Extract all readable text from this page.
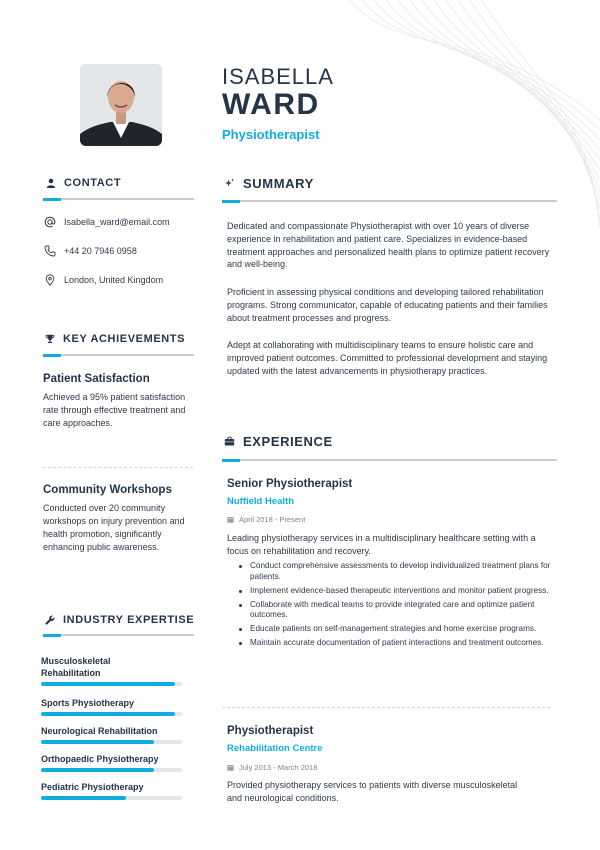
ISABELLA
WARD
Physiotherapist
CONTACT
Isabella_ward@email.com
+44 20 7946 0958
London, United Kingdom
KEY ACHIEVEMENTS
Patient Satisfaction
Achieved a 95% patient satisfaction rate through effective treatment and care approaches.
Community Workshops
Conducted over 20 community workshops on injury prevention and health promotion, significantly enhancing public awareness.
INDUSTRY EXPERTISE
Musculoskeletal Rehabilitation
Sports Physiotherapy
Neurological Rehabilitation
Orthopaedic Physiotherapy
Pediatric Physiotherapy
SUMMARY
Dedicated and compassionate Physiotherapist with over 10 years of diverse experience in rehabilitation and patient care. Specializes in evidence-based treatment approaches and personalized health plans to optimize patient recovery and well-being.
Proficient in assessing physical conditions and developing tailored rehabilitation programs. Strong communicator, capable of educating patients and their families about treatment processes and progress.
Adept at collaborating with multidisciplinary teams to ensure holistic care and improved patient outcomes. Committed to professional development and staying updated with the latest advancements in physiotherapy practices.
EXPERIENCE
Senior Physiotherapist
Nuffield Health
April 2018 - Present
Leading physiotherapy services in a multidisciplinary healthcare setting with a focus on rehabilitation and recovery.
Conduct comprehensive assessments to develop individualized treatment plans for patients.
Implement evidence-based therapeutic interventions and monitor patient progress.
Collaborate with medical teams to provide integrated care and optimize patient outcomes.
Educate patients on self-management strategies and home exercise programs.
Maintain accurate documentation of patient interactions and treatment outcomes.
Physiotherapist
Rehabilitation Centre
July 2013 - March 2018
Provided physiotherapy services to patients with diverse musculoskeletal and neurological conditions.
